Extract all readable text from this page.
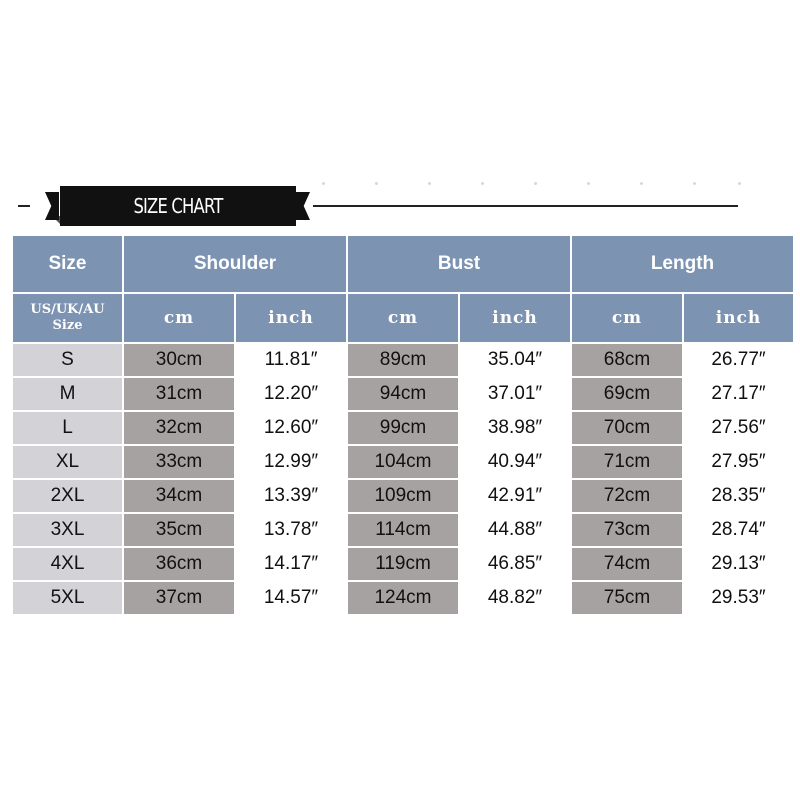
SIZE CHART
Size	Shoulder	Bust	Length
US/UK/AU
Size	cm	inch	cm	inch	cm	inch
S	30cm	11.81″	89cm	35.04″	68cm	26.77″
M	31cm	12.20″	94cm	37.01″	69cm	27.17″
L	32cm	12.60″	99cm	38.98″	70cm	27.56″
XL	33cm	12.99″	104cm	40.94″	71cm	27.95″
2XL	34cm	13.39″	109cm	42.91″	72cm	28.35″
3XL	35cm	13.78″	114cm	44.88″	73cm	28.74″
4XL	36cm	14.17″	119cm	46.85″	74cm	29.13″
5XL	37cm	14.57″	124cm	48.82″	75cm	29.53″
